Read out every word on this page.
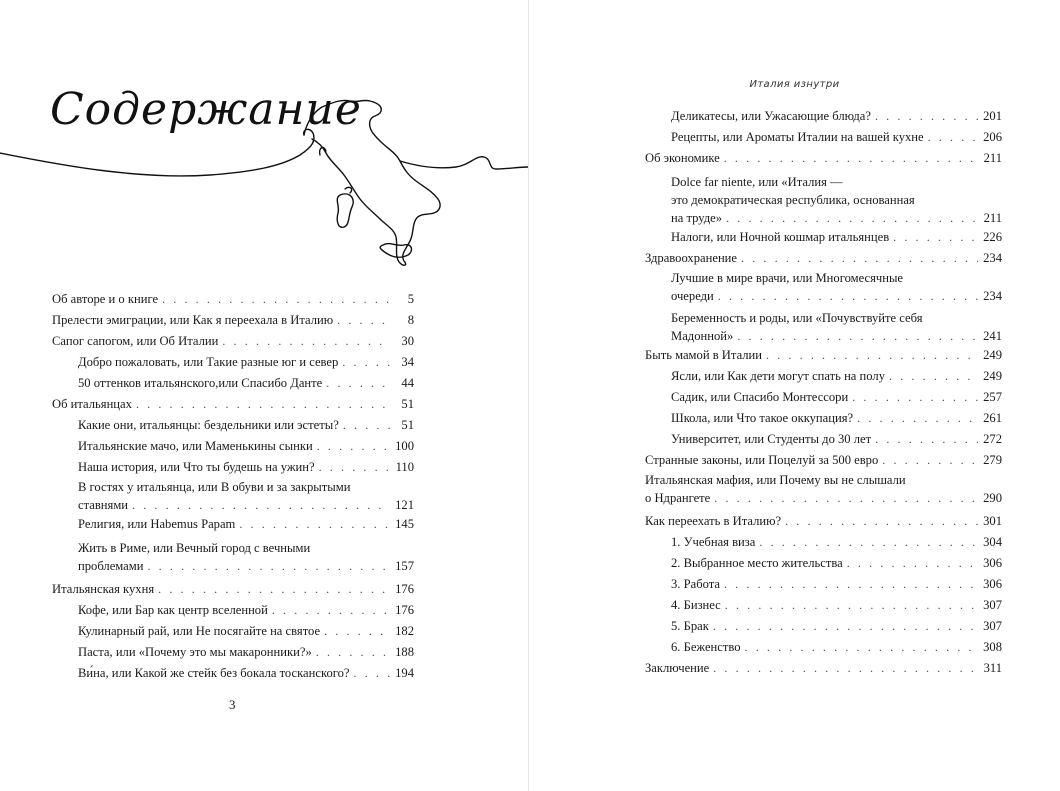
Содержание
Об авторе и о книге . . .	5
Прелести эмиграции, или Как я переехала в Италию . . .	8
Сапог сапогом, или Об Италии . . .	30
Добро пожаловать, или Такие разные юг и север . . .	34
50 оттенков итальянского,или Спасибо Данте . . .	44
Об итальянцах . . .	51
Какие они, итальянцы: бездельники или эстеты? . . .	51
Итальянские мачо, или Маменькины сынки . . .	100
Наша история, или Что ты будешь на ужин? . . .	110
В гостях у итальянца, или В обуви и за закрытыми
ставнями . . .	121
Религия, или Habemus Papam . . .	145
Жить в Риме, или Вечный город с вечными
проблемами . . .	157
Итальянская кухня . . .	176
Кофе, или Бар как центр вселенной . . .	176
Кулинарный рай, или Не посягайте на святое . . .	182
Паста, или «Почему это мы макаронники?» . . .	188
Ви́на, или Какой же стейк без бокала тосканского? . . .	194
3
Италия изнутри
Деликатесы, или Ужасающие блюда? . . .	201
Рецепты, или Ароматы Италии на вашей кухне . . .	206
Об экономике . . .	211
Dolce far niente, или «Италия —
это демократическая республика, основанная
на труде» . . .	211
Налоги, или Ночной кошмар итальянцев . . .	226
Здравоохранение . . .	234
Лучшие в мире врачи, или Многомесячные
очереди . . .	234
Беременность и роды, или «Почувствуйте себя
Мадонной» . . .	241
Быть мамой в Италии . . .	249
Ясли, или Как дети могут спать на полу . . .	249
Садик, или Спасибо Монтессори . . .	257
Школа, или Что такое оккупация? . . .	261
Университет, или Студенты до 30 лет . . .	272
Странные законы, или Поцелуй за 500 евро . . .	279
Итальянская мафия, или Почему вы не слышали
о Ндрангете . . .	290
Как переехать в Италию? . . .	301
1. Учебная виза . . .	304
2. Выбранное место жительства . . .	306
3. Работа . . .	306
4. Бизнес . . .	307
5. Брак . . .	307
6. Беженство . . .	308
Заключение . . .	311
